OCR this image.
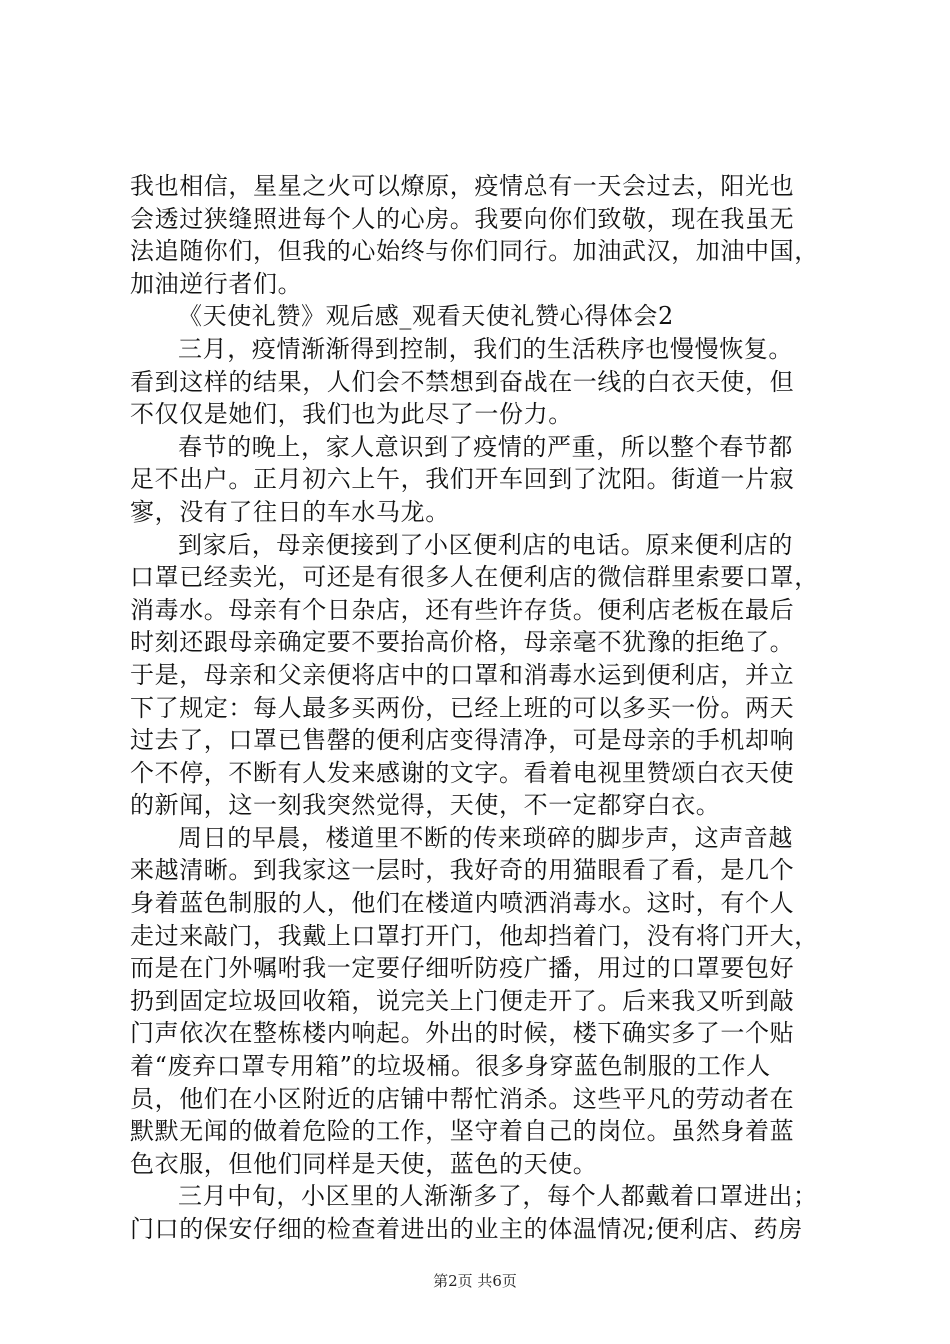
我也相信，星星之火可以燎原，疫情总有一天会过去，阳光也
会透过狭缝照进每个人的心房。我要向你们致敬，现在我虽无
法追随你们，但我的心始终与你们同行。加油武汉，加油中国，
加油逆行者们。
《天使礼赞》观后感_观看天使礼赞心得体会2
三月，疫情渐渐得到控制，我们的生活秩序也慢慢恢复。
看到这样的结果，人们会不禁想到奋战在一线的白衣天使，但
不仅仅是她们，我们也为此尽了一份力。
春节的晚上，家人意识到了疫情的严重，所以整个春节都
足不出户。正月初六上午，我们开车回到了沈阳。街道一片寂
寥，没有了往日的车水马龙。
到家后，母亲便接到了小区便利店的电话。原来便利店的
口罩已经卖光，可还是有很多人在便利店的微信群里索要口罩，
消毒水。母亲有个日杂店，还有些许存货。便利店老板在最后
时刻还跟母亲确定要不要抬高价格，母亲毫不犹豫的拒绝了。
于是，母亲和父亲便将店中的口罩和消毒水运到便利店，并立
下了规定：每人最多买两份，已经上班的可以多买一份。两天
过去了，口罩已售罄的便利店变得清净，可是母亲的手机却响
个不停，不断有人发来感谢的文字。看着电视里赞颂白衣天使
的新闻，这一刻我突然觉得，天使，不一定都穿白衣。
周日的早晨，楼道里不断的传来琐碎的脚步声，这声音越
来越清晰。到我家这一层时，我好奇的用猫眼看了看，是几个
身着蓝色制服的人，他们在楼道内喷洒消毒水。这时，有个人
走过来敲门，我戴上口罩打开门，他却挡着门，没有将门开大，
而是在门外嘱咐我一定要仔细听防疫广播，用过的口罩要包好
扔到固定垃圾回收箱，说完关上门便走开了。后来我又听到敲
门声依次在整栋楼内响起。外出的时候，楼下确实多了一个贴
着“废弃口罩专用箱”的垃圾桶。很多身穿蓝色制服的工作人
员，他们在小区附近的店铺中帮忙消杀。这些平凡的劳动者在
默默无闻的做着危险的工作，坚守着自己的岗位。虽然身着蓝
色衣服，但他们同样是天使，蓝色的天使。
三月中旬，小区里的人渐渐多了，每个人都戴着口罩进出；
门口的保安仔细的检查着进出的业主的体温情况;便利店、药房
第2页 共6页
